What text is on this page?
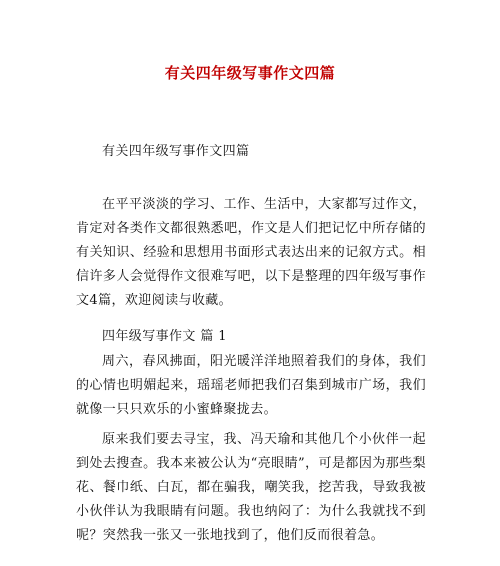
有关四年级写事作文四篇

有关四年级写事作文四篇

在平平淡淡的学习、工作、生活中，大家都写过作文，肯定对各类作文都很熟悉吧，作文是人们把记忆中所存储的有关知识、经验和思想用书面形式表达出来的记叙方式。相信许多人会觉得作文很难写吧，以下是整理的四年级写事作文4篇，欢迎阅读与收藏。

四年级写事作文 篇 1

周六，春风拂面，阳光暖洋洋地照着我们的身体，我们的心情也明媚起来，瑶瑶老师把我们召集到城市广场，我们就像一只只欢乐的小蜜蜂聚拢去。

原来我们要去寻宝，我、冯天瑜和其他几个小伙伴一起到处去搜查。我本来被公认为“亮眼睛”，可是都因为那些梨花、餐巾纸、白瓦，都在骗我，嘲笑我，挖苦我，导致我被小伙伴认为我眼睛有问题。我也纳闷了：为什么我就找不到呢？突然我一张又一张地找到了，他们反而很着急。
